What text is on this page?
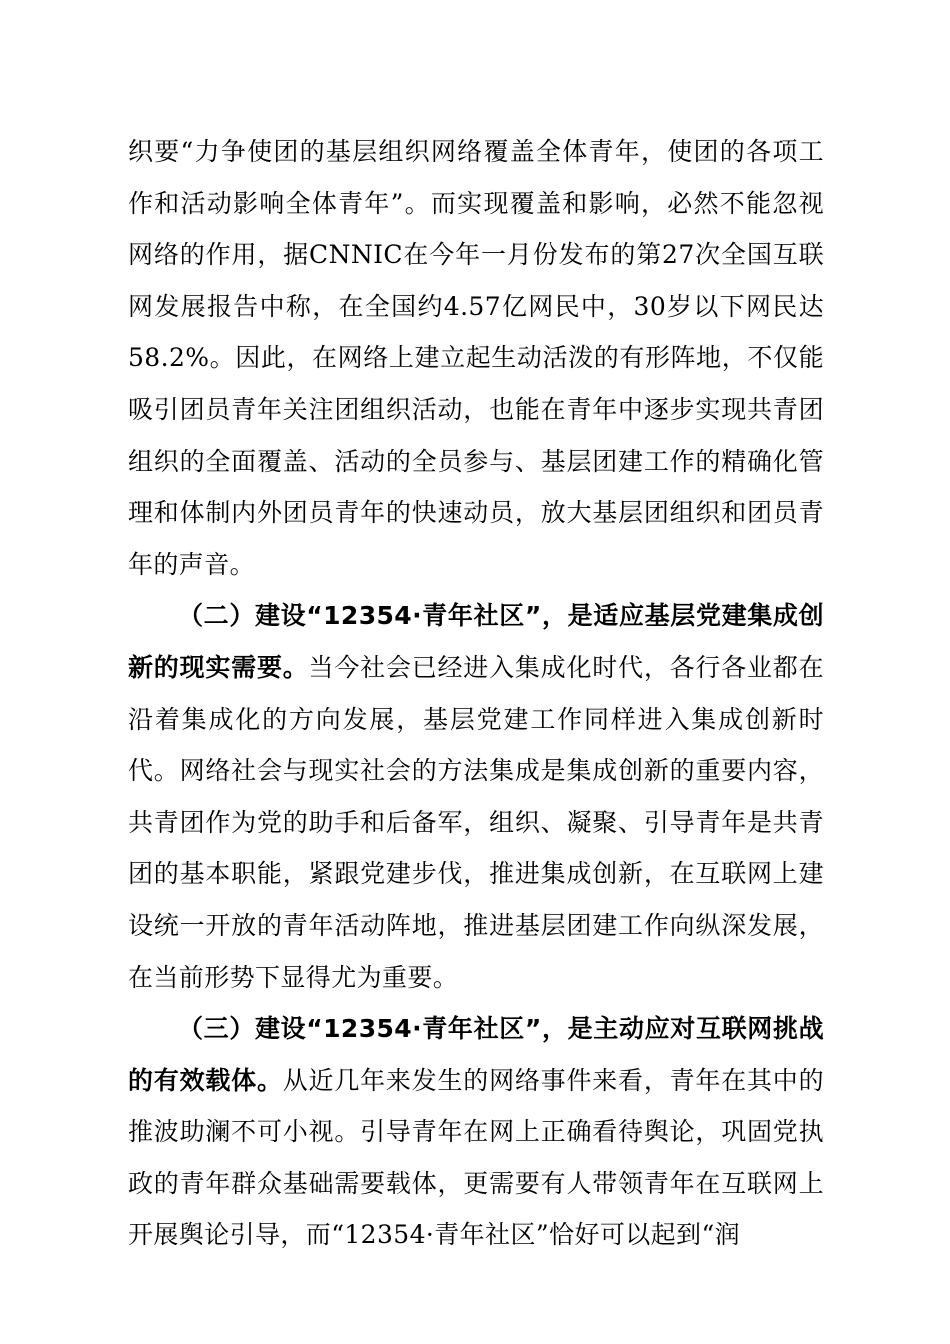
织要“力争使团的基层组织网络覆盖全体青年，使团的各项工作和活动影响全体青年”。而实现覆盖和影响，必然不能忽视网络的作用，据CNNIC在今年一月份发布的第27次全国互联网发展报告中称，在全国约4.57亿网民中，30岁以下网民达58.2%。因此，在网络上建立起生动活泼的有形阵地，不仅能吸引团员青年关注团组织活动，也能在青年中逐步实现共青团组织的全面覆盖、活动的全员参与、基层团建工作的精确化管理和体制内外团员青年的快速动员，放大基层团组织和团员青年的声音。

（二）建设“12354·青年社区”，是适应基层党建集成创新的现实需要。当今社会已经进入集成化时代，各行各业都在沿着集成化的方向发展，基层党建工作同样进入集成创新时代。网络社会与现实社会的方法集成是集成创新的重要内容，共青团作为党的助手和后备军，组织、凝聚、引导青年是共青团的基本职能，紧跟党建步伐，推进集成创新，在互联网上建设统一开放的青年活动阵地，推进基层团建工作向纵深发展，在当前形势下显得尤为重要。

（三）建设“12354·青年社区”，是主动应对互联网挑战的有效载体。从近几年来发生的网络事件来看，青年在其中的推波助澜不可小视。引导青年在网上正确看待舆论，巩固党执政的青年群众基础需要载体，更需要有人带领青年在互联网上开展舆论引导，而“12354·青年社区”恰好可以起到“润
